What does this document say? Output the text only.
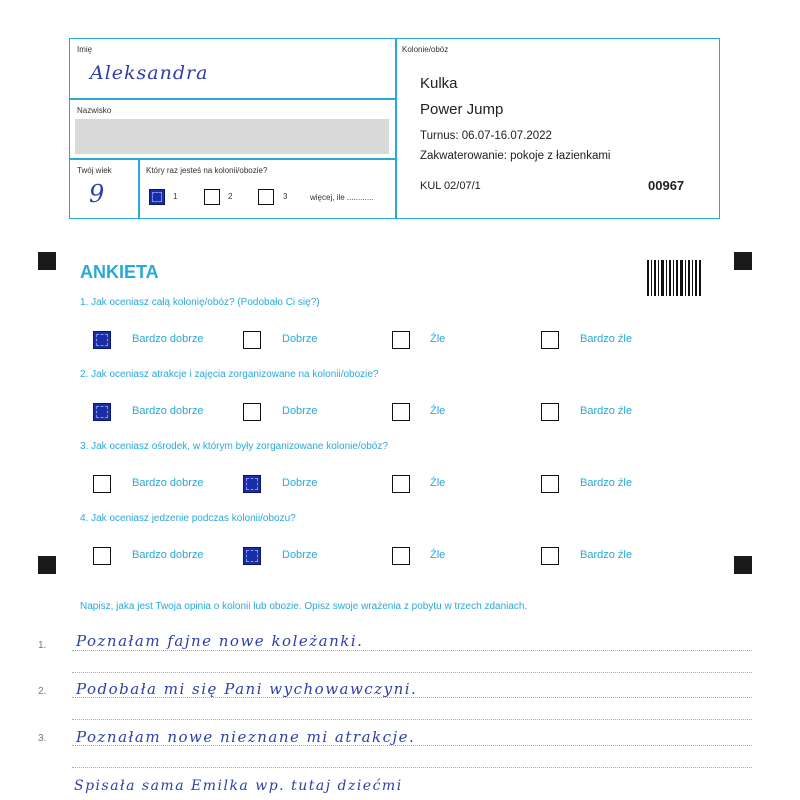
Imię
Aleksandra
Nazwisko
Twój wiek
9
Który raz jesteś na kolonii/obozie?
1	2	3	więcej, ile ............
Kolonie/obóz
Kulka
Power Jump
Turnus: 06.07-16.07.2022
Zakwaterowanie: pokoje z łazienkami
KUL 02/07/1	00967
ANKIETA
1. Jak oceniasz całą kolonię/obóz? (Podobało Ci się?)
Bardzo dobrze	Dobrze	Źle	Bardzo źle
2. Jak oceniasz atrakcje i zajęcia zorganizowane na kolonii/obozie?
Bardzo dobrze	Dobrze	Źle	Bardzo źle
3. Jak oceniasz ośrodek, w którym były zorganizowane kolonie/obóz?
Bardzo dobrze	Dobrze	Źle	Bardzo źle
4. Jak oceniasz jedzenie podczas kolonii/obozu?
Bardzo dobrze	Dobrze	Źle	Bardzo źle
Napisz, jaka jest Twoja opinia o kolonii lub obozie. Opisz swoje wrażenia z pobytu w trzech zdaniach.
1. Poznałam fajne nowe koleżanki.
2. Podobała mi się Pani wychowawczyni.
3. Poznałam nowe nieznane mi atrakcje.
Spisała sama Emilka wp. tutaj dziećmi
